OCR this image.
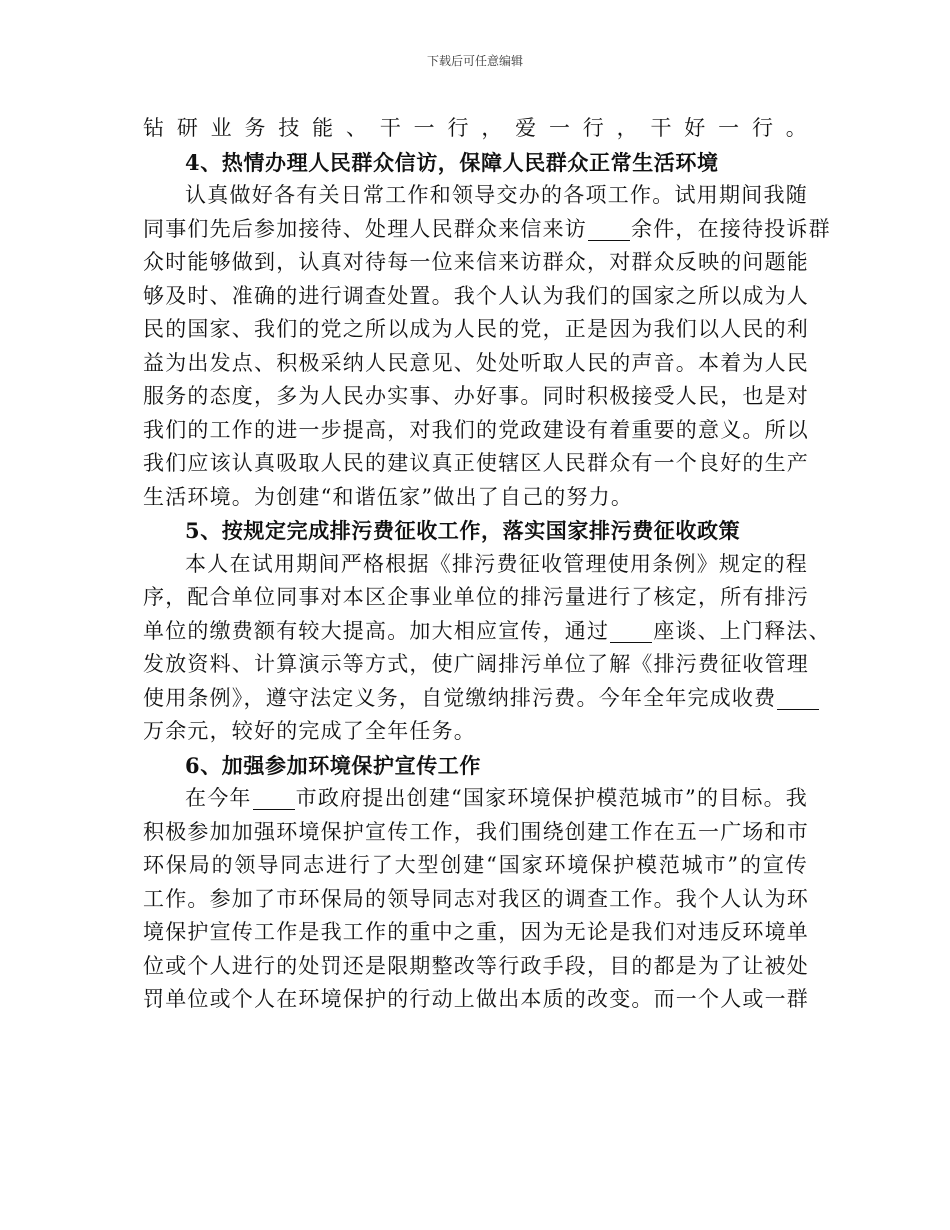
下载后可任意编辑
钻研业务技能、干一行，爱一行，干好一行。
4、热情办理人民群众信访，保障人民群众正常生活环境
认真做好各有关日常工作和领导交办的各项工作。试用期间我随
同事们先后参加接待、处理人民群众来信来访 余件，在接待投诉群
众时能够做到，认真对待每一位来信来访群众，对群众反映的问题能
够及时、准确的进行调查处置。我个人认为我们的国家之所以成为人
民的国家、我们的党之所以成为人民的党，正是因为我们以人民的利
益为出发点、积极采纳人民意见、处处听取人民的声音。本着为人民
服务的态度，多为人民办实事、办好事。同时积极接受人民，也是对
我们的工作的进一步提高，对我们的党政建设有着重要的意义。所以
我们应该认真吸取人民的建议真正使辖区人民群众有一个良好的生产
生活环境。为创建“和谐伍家”做出了自己的努力。
5、按规定完成排污费征收工作，落实国家排污费征收政策
本人在试用期间严格根据《排污费征收管理使用条例》规定的程
序，配合单位同事对本区企事业单位的排污量进行了核定，所有排污
单位的缴费额有较大提高。加大相应宣传，通过 座谈、上门释法、
发放资料、计算演示等方式，使广阔排污单位了解《排污费征收管理
使用条例》，遵守法定义务，自觉缴纳排污费。今年全年完成收费
万余元，较好的完成了全年任务。
6、加强参加环境保护宣传工作
在今年 市政府提出创建“国家环境保护模范城市”的目标。我
积极参加加强环境保护宣传工作，我们围绕创建工作在五一广场和市
环保局的领导同志进行了大型创建“国家环境保护模范城市”的宣传
工作。参加了市环保局的领导同志对我区的调查工作。我个人认为环
境保护宣传工作是我工作的重中之重，因为无论是我们对违反环境单
位或个人进行的处罚还是限期整改等行政手段，目的都是为了让被处
罚单位或个人在环境保护的行动上做出本质的改变。而一个人或一群
